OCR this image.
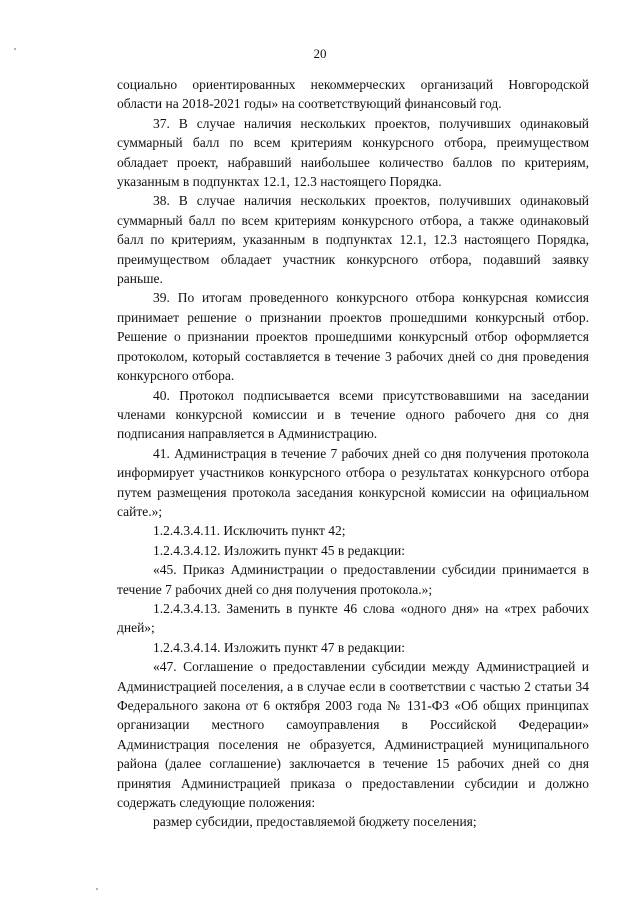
20

социально ориентированных некоммерческих организаций Новгородской области на 2018-2021 годы» на соответствующий финансовый год.

37. В случае наличия нескольких проектов, получивших одинаковый суммарный балл по всем критериям конкурсного отбора, преимуществом обладает проект, набравший наибольшее количество баллов по критериям, указанным в подпунктах 12.1, 12.3 настоящего Порядка.

38. В случае наличия нескольких проектов, получивших одинаковый суммарный балл по всем критериям конкурсного отбора, а также одинаковый балл по критериям, указанным в подпунктах 12.1, 12.3 настоящего Порядка, преимуществом обладает участник конкурсного отбора, подавший заявку раньше.

39. По итогам проведенного конкурсного отбора конкурсная комиссия принимает решение о признании проектов прошедшими конкурсный отбор. Решение о признании проектов прошедшими конкурсный отбор оформляется протоколом, который составляется в течение 3 рабочих дней со дня проведения конкурсного отбора.

40. Протокол подписывается всеми присутствовавшими на заседании членами конкурсной комиссии и в течение одного рабочего дня со дня подписания направляется в Администрацию.

41. Администрация в течение 7 рабочих дней со дня получения протокола информирует участников конкурсного отбора о результатах конкурсного отбора путем размещения протокола заседания конкурсной комиссии на официальном сайте.»;

1.2.4.3.4.11. Исключить пункт 42;

1.2.4.3.4.12. Изложить пункт 45 в редакции:

«45. Приказ Администрации о предоставлении субсидии принимается в течение 7 рабочих дней со дня получения протокола.»;

1.2.4.3.4.13. Заменить в пункте 46 слова «одного дня» на «трех рабочих дней»;

1.2.4.3.4.14. Изложить пункт 47 в редакции:

«47. Соглашение о предоставлении субсидии между Администрацией и Администрацией поселения, а в случае если в соответствии с частью 2 статьи 34 Федерального закона от 6 октября 2003 года № 131-ФЗ «Об общих принципах организации местного самоуправления в Российской Федерации» Администрация поселения не образуется, Администрацией муниципального района (далее соглашение) заключается в течение 15 рабочих дней со дня принятия Администрацией приказа о предоставлении субсидии и должно содержать следующие положения:

размер субсидии, предоставляемой бюджету поселения;
